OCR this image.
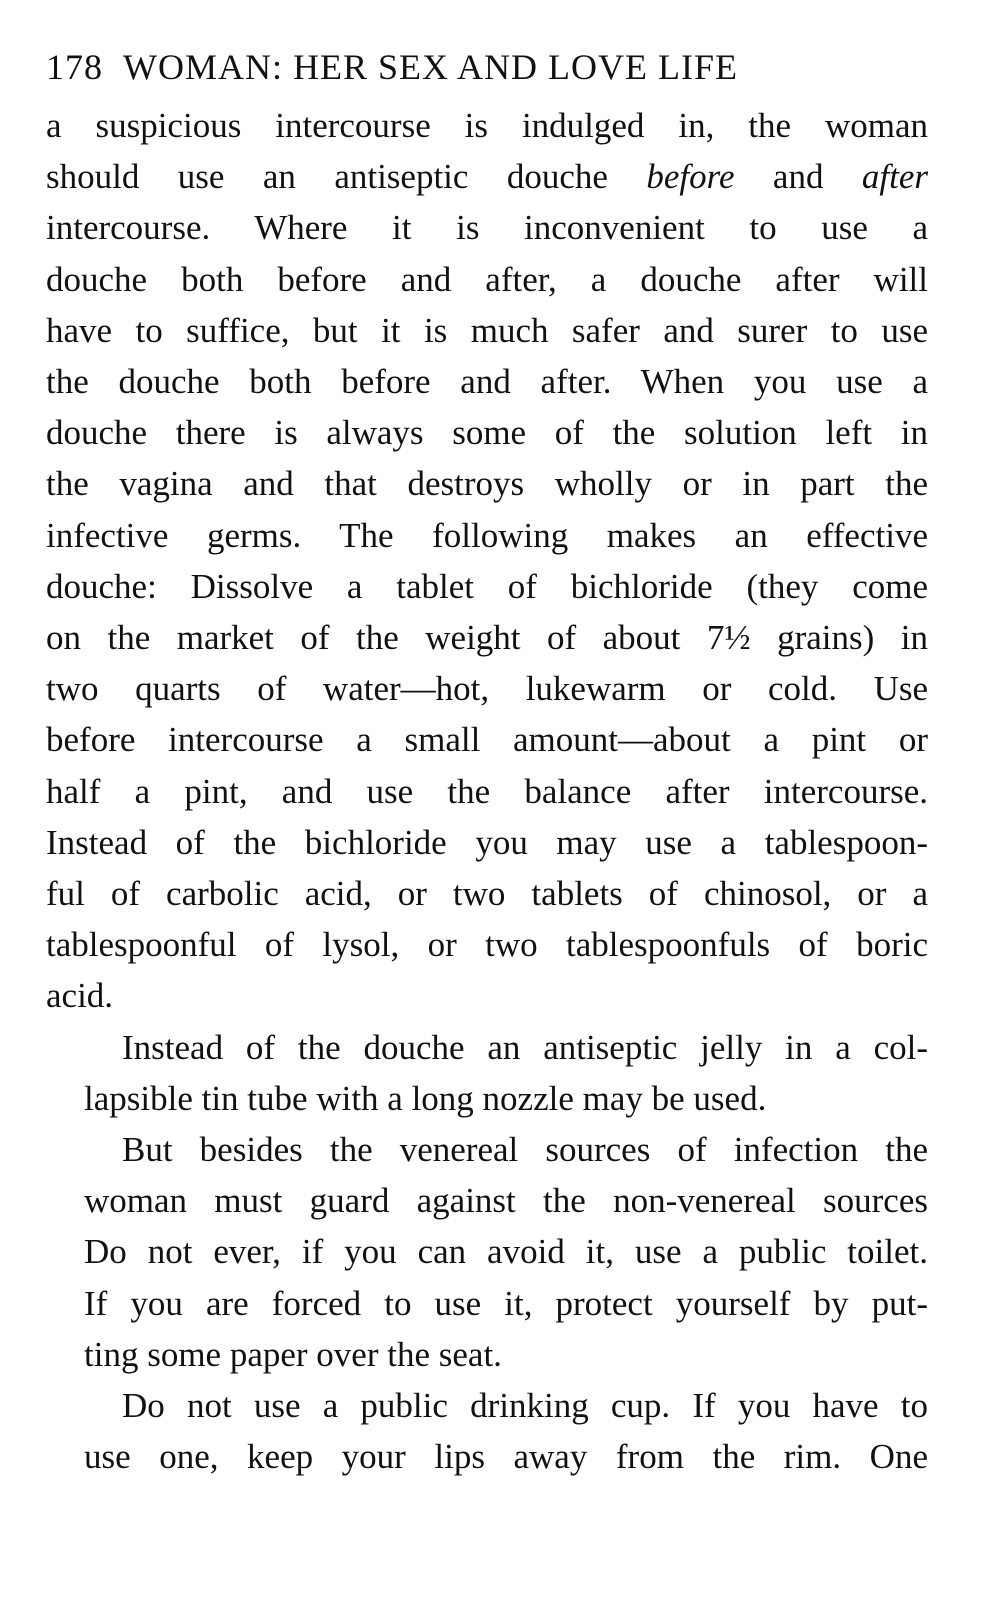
178 WOMAN: HER SEX AND LOVE LIFE

a suspicious intercourse is indulged in, the woman
should use an antiseptic douche before and after
intercourse. Where it is inconvenient to use a
douche both before and after, a douche after will
have to suffice, but it is much safer and surer to use
the douche both before and after. When you use a
douche there is always some of the solution left in
the vagina and that destroys wholly or in part the
infective germs. The following makes an effective
douche: Dissolve a tablet of bichloride (they come
on the market of the weight of about 7½ grains) in
two quarts of water—hot, lukewarm or cold. Use
before intercourse a small amount—about a pint or
half a pint, and use the balance after intercourse.
Instead of the bichloride you may use a tablespoon-
ful of carbolic acid, or two tablets of chinosol, or a
tablespoonful of lysol, or two tablespoonfuls of boric
acid.

Instead of the douche an antiseptic jelly in a col-
lapsible tin tube with a long nozzle may be used.

But besides the venereal sources of infection the
woman must guard against the non-venereal sources
Do not ever, if you can avoid it, use a public toilet.
If you are forced to use it, protect yourself by put-
ting some paper over the seat.

Do not use a public drinking cup. If you have to
use one, keep your lips away from the rim. One
